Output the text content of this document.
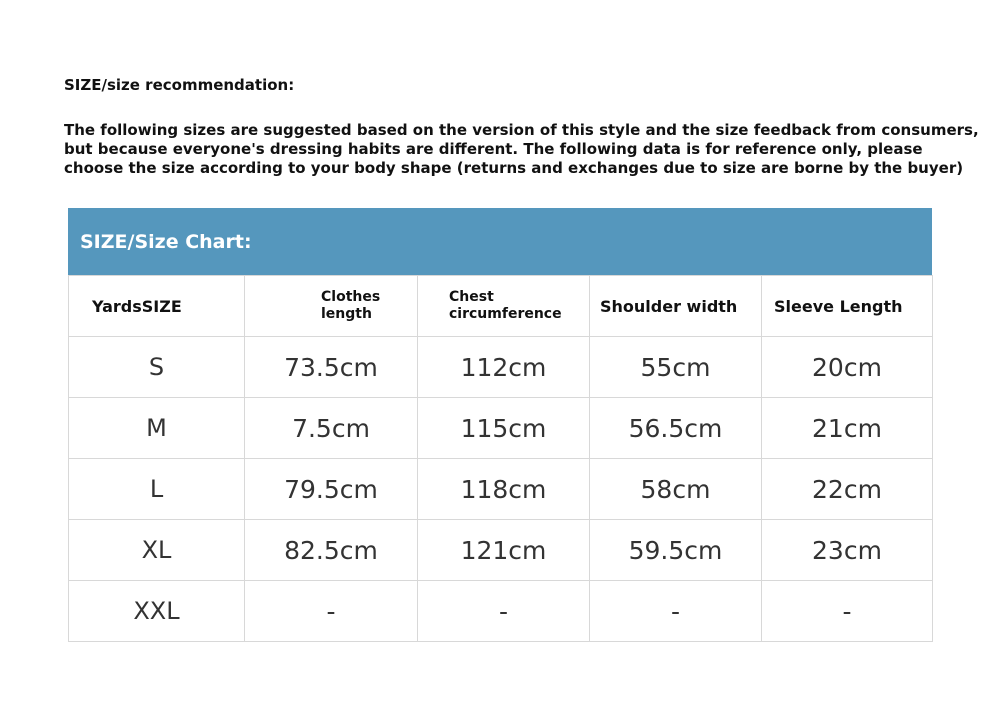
SIZE/size recommendation:
The following sizes are suggested based on the version of this style and the size feedback from consumers,
but because everyone's dressing habits are different. The following data is for reference only, please
choose the size according to your body shape (returns and exchanges due to size are borne by the buyer)
SIZE/Size Chart:
YardsSIZE	Clothes length	Chest circumference	Shoulder width	Sleeve Length
S	73.5cm	112cm	55cm	20cm
M	7.5cm	115cm	56.5cm	21cm
L	79.5cm	118cm	58cm	22cm
XL	82.5cm	121cm	59.5cm	23cm
XXL	-	-	-	-
